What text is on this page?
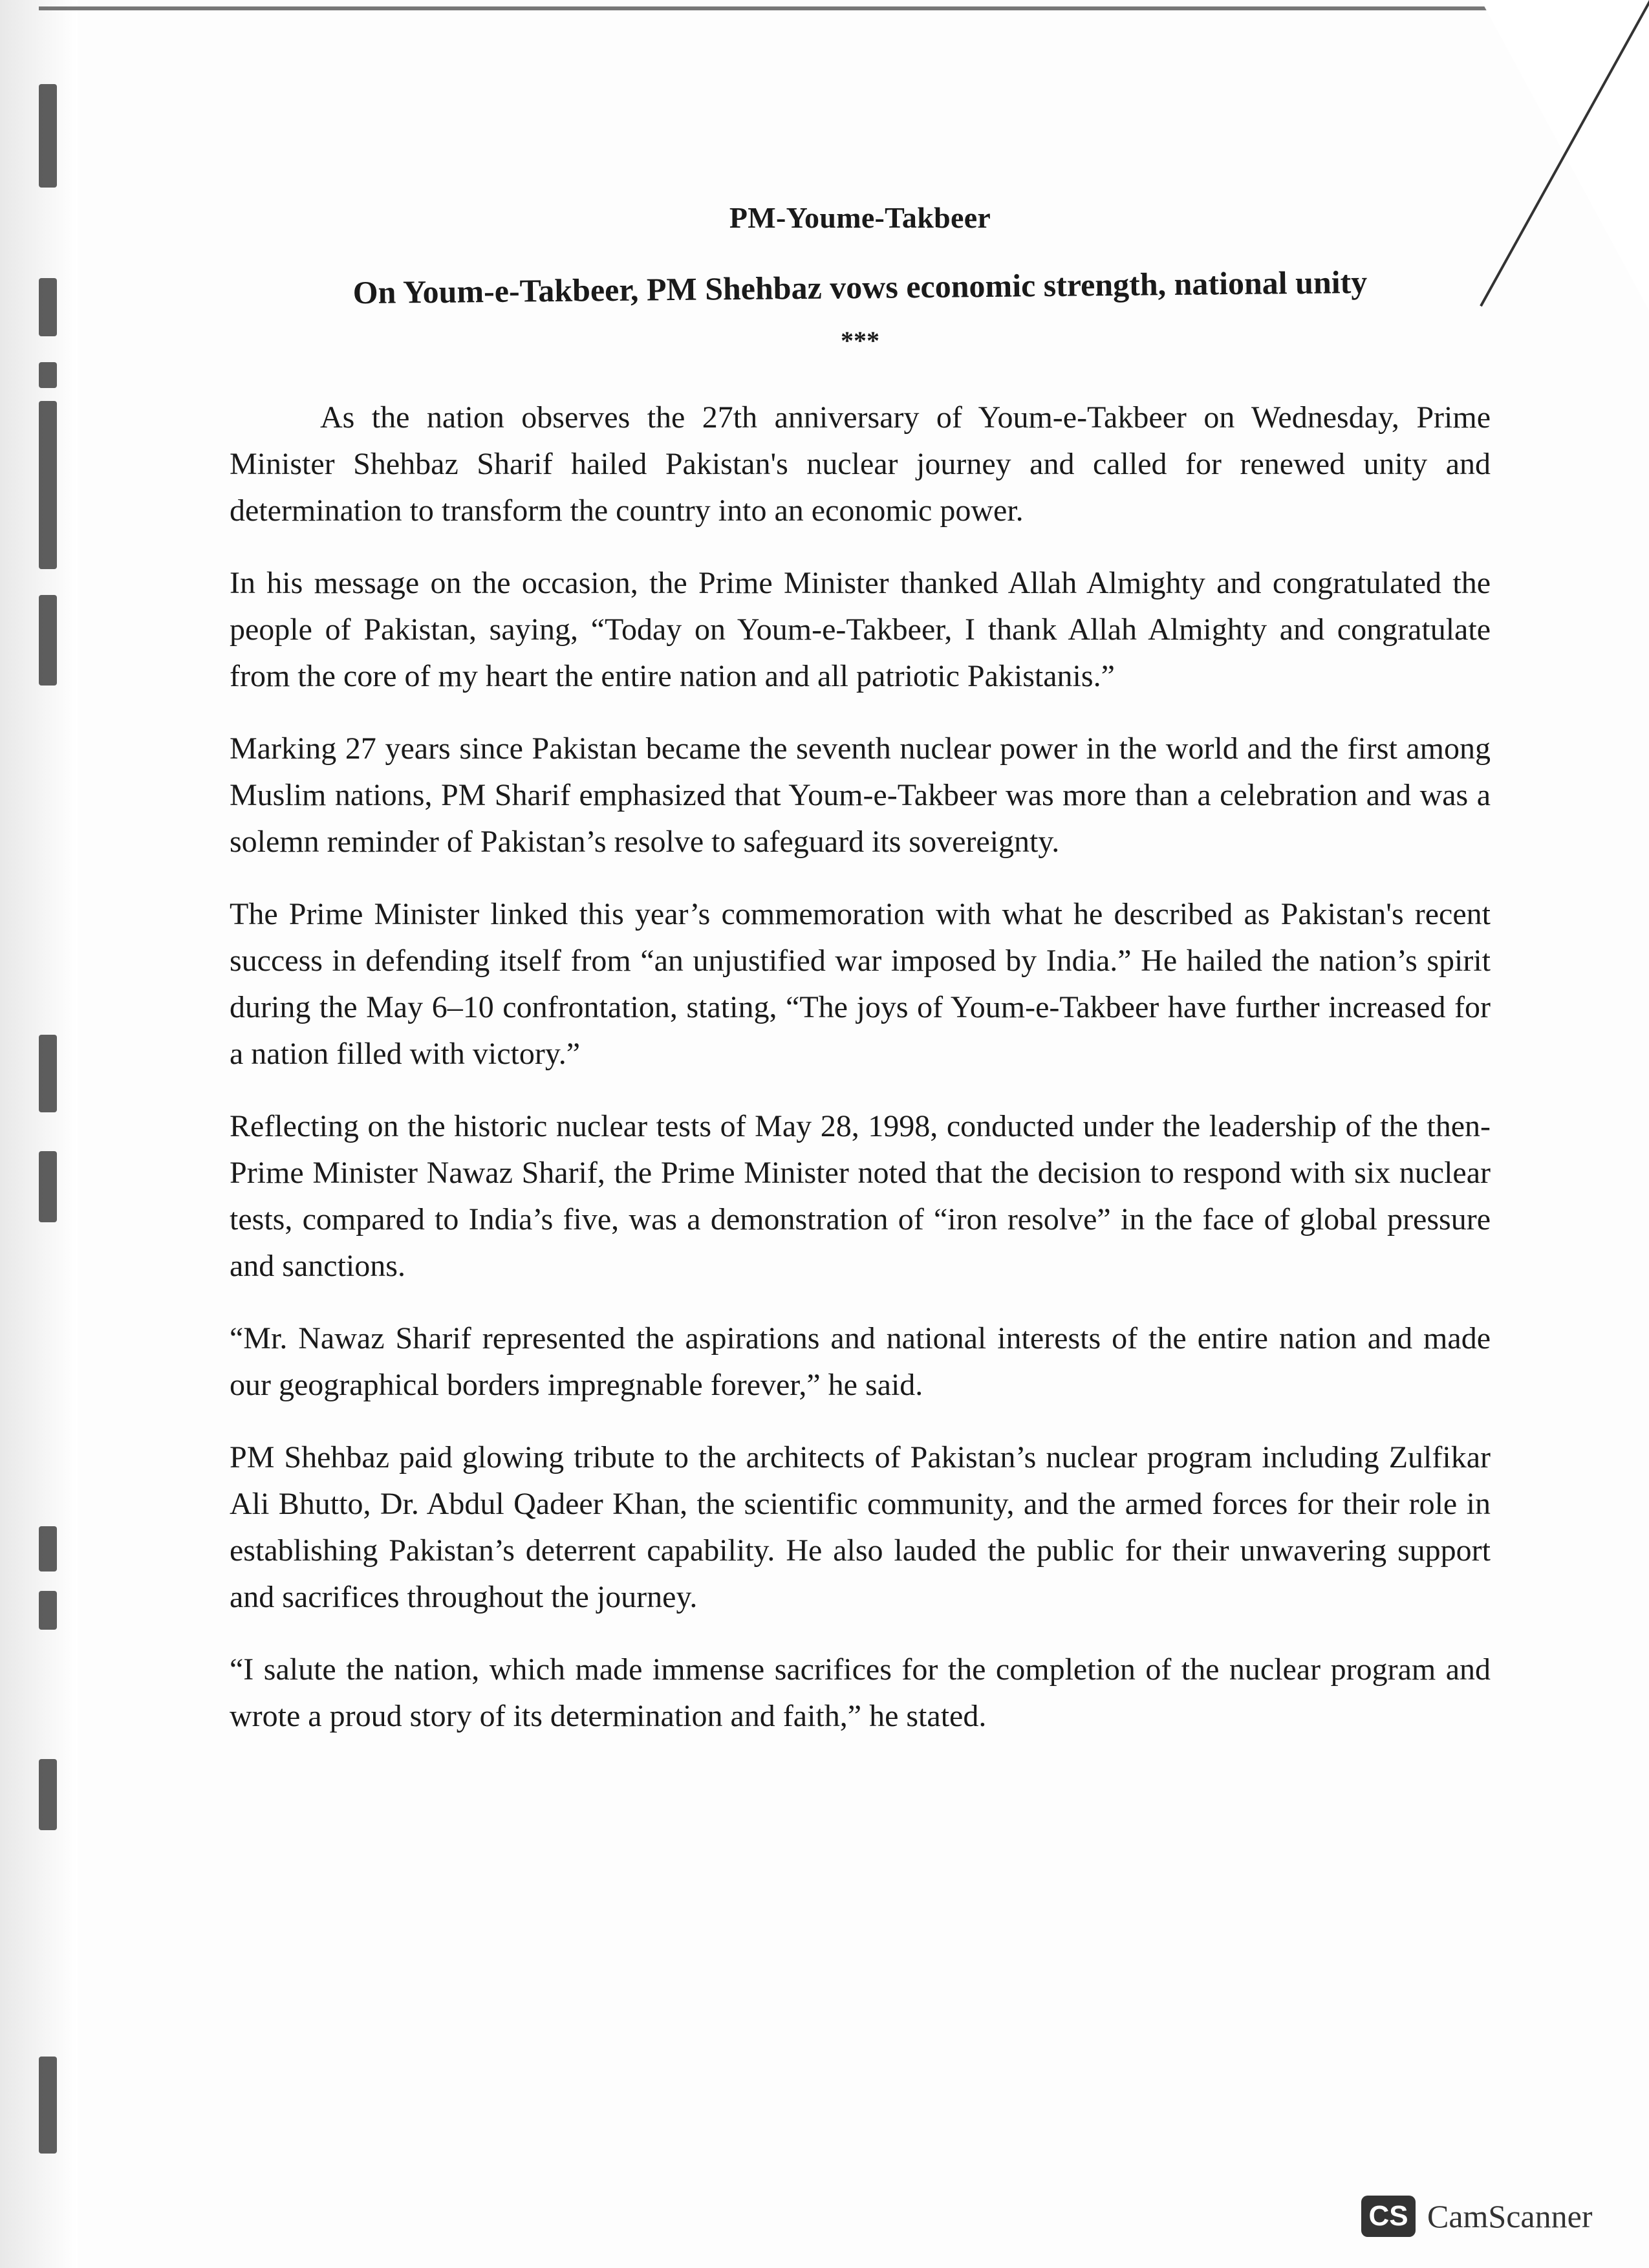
PM-Youme-Takbeer
On Youm-e-Takbeer, PM Shehbaz vows economic strength, national unity
***

As the nation observes the 27th anniversary of Youm-e-Takbeer on Wednesday, Prime Minister Shehbaz Sharif hailed Pakistan's nuclear journey and called for renewed unity and determination to transform the country into an economic power.

In his message on the occasion, the Prime Minister thanked Allah Almighty and congratulated the people of Pakistan, saying, “Today on Youm-e-Takbeer, I thank Allah Almighty and congratulate from the core of my heart the entire nation and all patriotic Pakistanis.”

Marking 27 years since Pakistan became the seventh nuclear power in the world and the first among Muslim nations, PM Sharif emphasized that Youm-e-Takbeer was more than a celebration and was a solemn reminder of Pakistan’s resolve to safeguard its sovereignty.

The Prime Minister linked this year’s commemoration with what he described as Pakistan's recent success in defending itself from “an unjustified war imposed by India.” He hailed the nation’s spirit during the May 6–10 confrontation, stating, “The joys of Youm-e-Takbeer have further increased for a nation filled with victory.”

Reflecting on the historic nuclear tests of May 28, 1998, conducted under the leadership of the then-Prime Minister Nawaz Sharif, the Prime Minister noted that the decision to respond with six nuclear tests, compared to India’s five, was a demonstration of “iron resolve” in the face of global pressure and sanctions.

“Mr. Nawaz Sharif represented the aspirations and national interests of the entire nation and made our geographical borders impregnable forever,” he said.

PM Shehbaz paid glowing tribute to the architects of Pakistan’s nuclear program including Zulfikar Ali Bhutto, Dr. Abdul Qadeer Khan, the scientific community, and the armed forces for their role in establishing Pakistan’s deterrent capability. He also lauded the public for their unwavering support and sacrifices throughout the journey.

“I salute the nation, which made immense sacrifices for the completion of the nuclear program and wrote a proud story of its determination and faith,” he stated.

CS CamScanner
